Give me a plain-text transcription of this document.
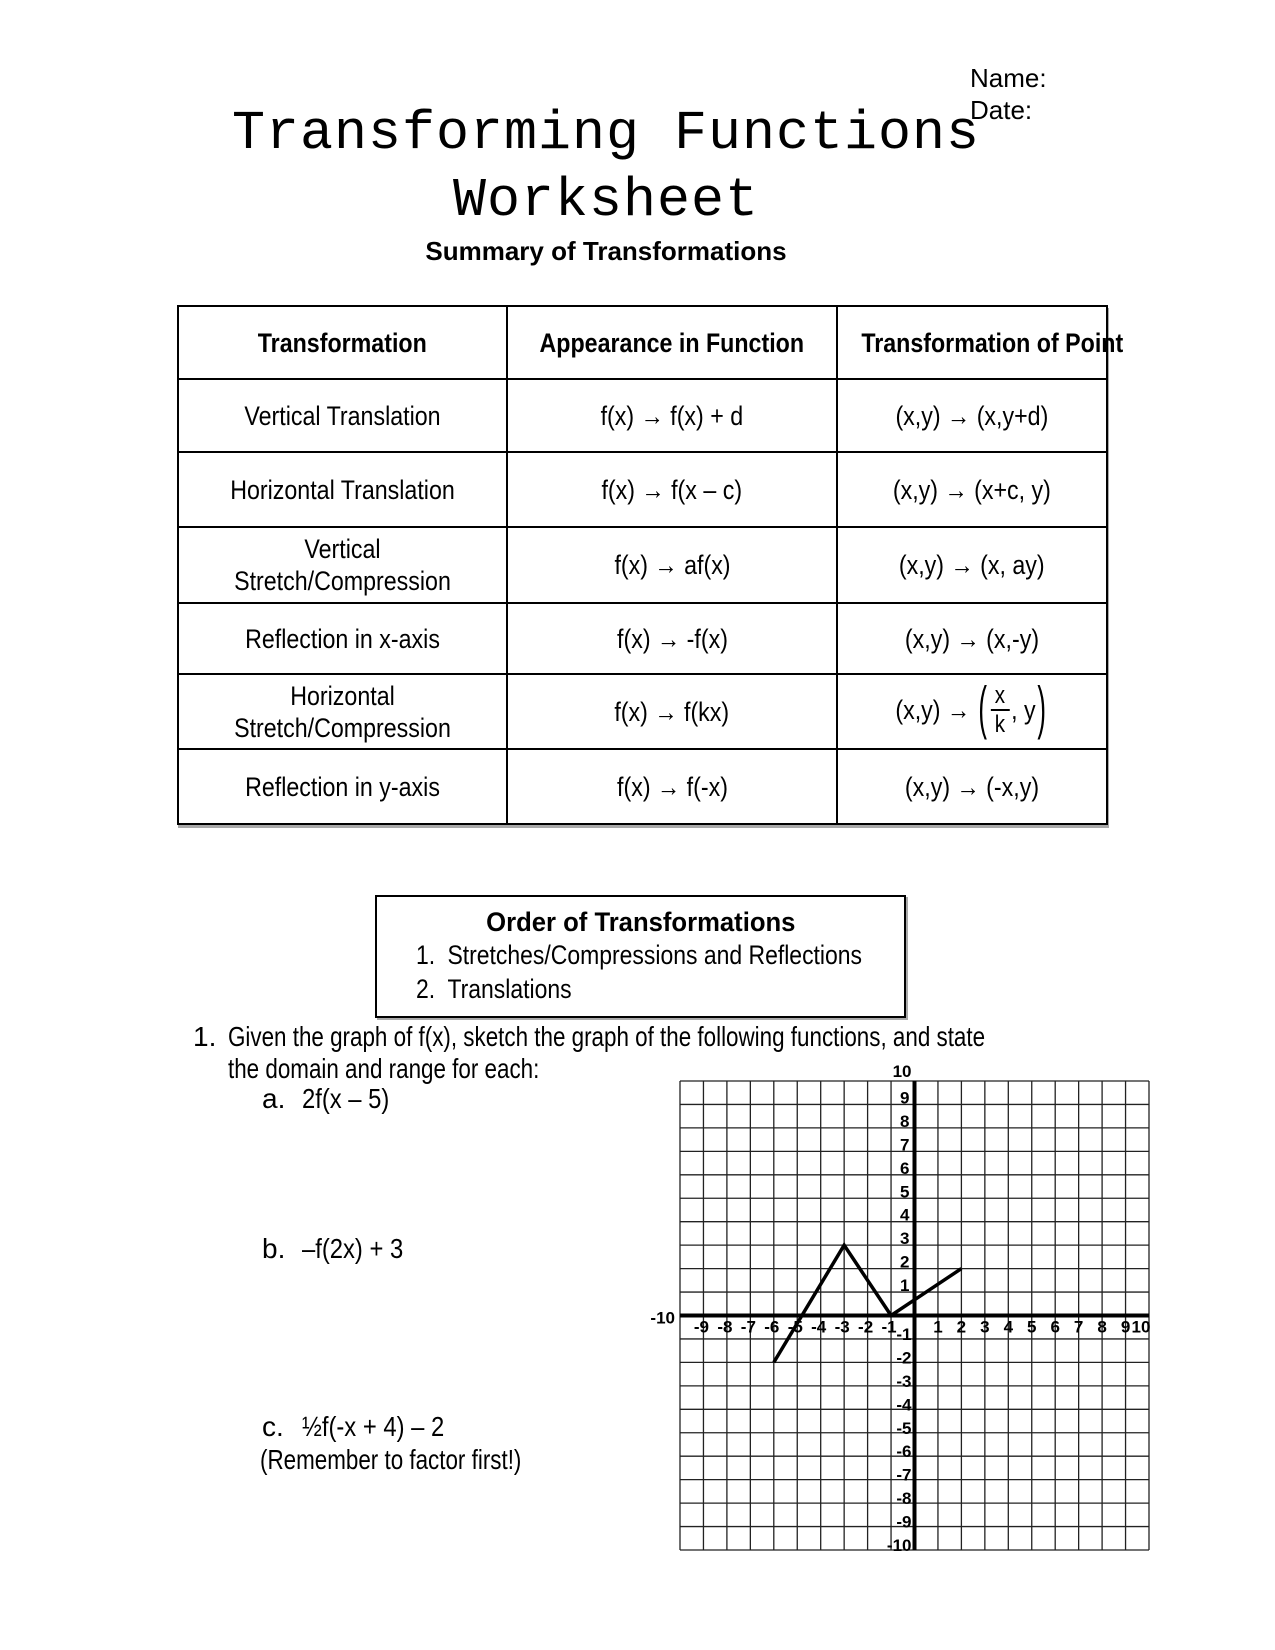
Name:
Date:
Transforming Functions
Worksheet
Summary of Transformations
Transformation	Appearance in Function	Transformation of Point
Vertical Translation	f(x) → f(x) + d	(x,y) → (x,y+d)
Horizontal Translation	f(x) → f(x – c)	(x,y) → (x+c, y)
Vertical Stretch/Compression	f(x) → af(x)	(x,y) → (x, ay)
Reflection in x-axis	f(x) → -f(x)	(x,y) → (x,-y)
Horizontal Stretch/Compression	f(x) → f(kx)	(x,y) → ( $\frac{x}{k}$ , y)
Reflection in y-axis	f(x) → f(-x)	(x,y) → (-x,y)
Order of Transformations
1. Stretches/Compressions and Reflections
2. Translations
1. Given the graph of f(x), sketch the graph of the following functions, and state
the domain and range for each:
a. 2f(x – 5)
b. –f(2x) + 3
c. ½f(-x + 4) – 2
(Remember to factor first!)
-10 -9 -8 -7 -6 -5 -4 -3 -2 -1 1 2 3 4 5 6 7 8 9 10
10
9
8
7
6
5
4
3
2
1
-1
-2
-3
-4
-5
-6
-7
-8
-9
-10
